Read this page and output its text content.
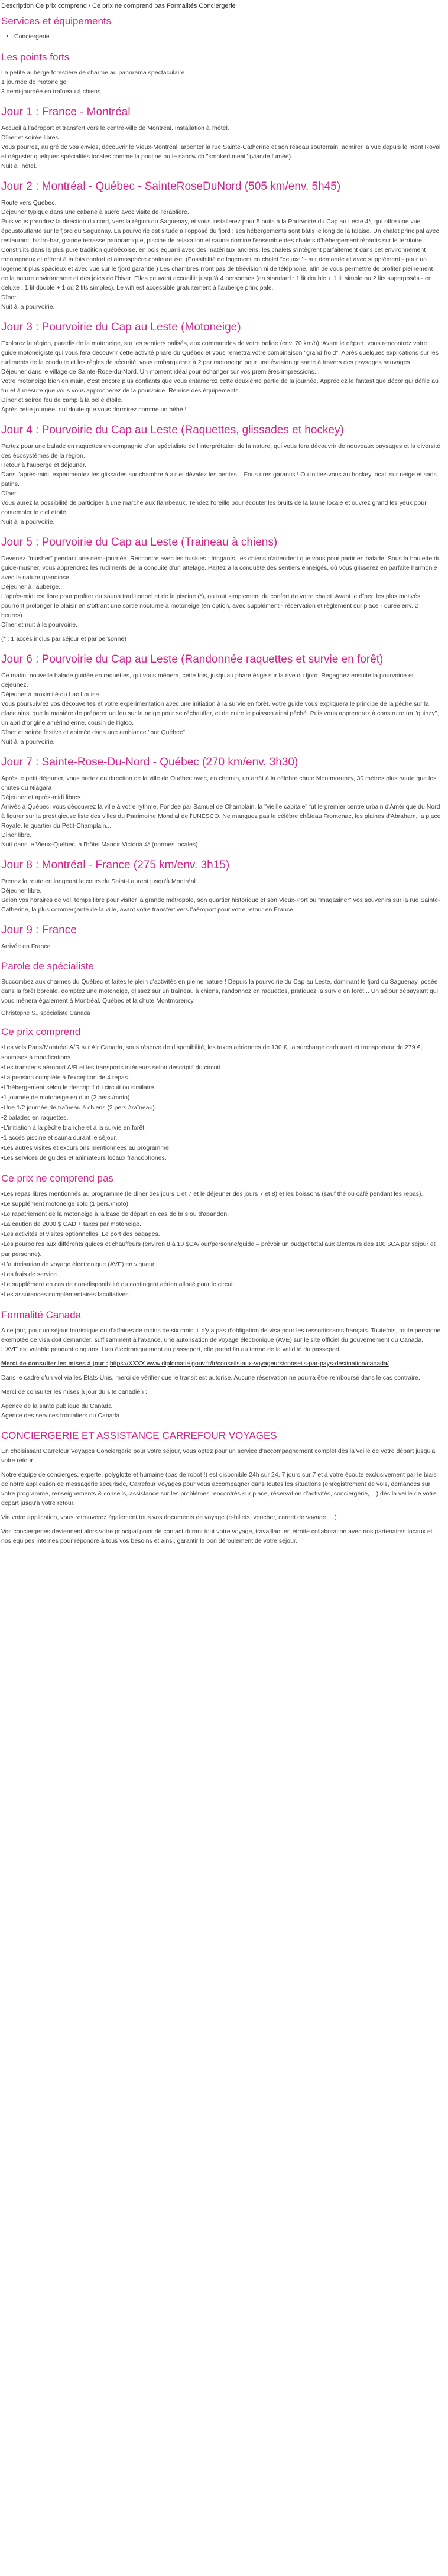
Description Ce prix comprend / Ce prix ne comprend pas Formalités Conciergerie
Services et équipements
• Conciergerie
Les points forts
La petite auberge forestière de charme au panorama spectaculaire
1 journée de motoneige
3 demi-journée en traîneau à chiens
Jour 1 : France - Montréal
Accueil à l'aéroport et transfert vers le centre-ville de Montréal. Installation à l'hôtel.
Dîner et soirée libres.
Vous pourrez, au gré de vos envies, découvrir le Vieux-Montréal, arpenter la rue Sainte-Catherine et son réseau souterrain, admirer la vue depuis le mont Royal et déguster quelques spécialités locales comme la poutine ou le sandwich "smoked meat" (viande fumée).
Nuit à l'hôtel.
Jour 2 : Montréal - Québec - SainteRoseDuNord (505 km/env. 5h45)
Route vers Québec.
Déjeuner typique dans une cabane à sucre avec visite de l'érablière.
Puis vous prendrez la direction du nord, vers la région du Saguenay, et vous installerez pour 5 nuits à la Pourvoirie du Cap au Leste 4*, qui offre une vue époustouflante sur le fjord du Saguenay. La pourvoirie est située à l'opposé du fjord ; ses hébergements sont bâtis le long de la falaise. Un chalet principal avec restaurant, bistro-bar, grande terrasse panoramique, piscine de relaxation et sauna domine l'ensemble des chalets d'hébergement répartis sur le territoire. Construits dans la plus pure tradition québécoise, en bois équarri avec des matériaux anciens, les chalets s'intègrent parfaitement dans cet environnement montagneux et offrent à la fois confort et atmosphère chaleureuse. (Possibilité de logement en chalet "deluxe" - sur demande et avec supplément - pour un logement plus spacieux et avec vue sur le fjord garantie.) Les chambres n'ont pas de télévision ni de téléphone, afin de vous permettre de profiter pleinement de la nature environnante et des joies de l'hiver. Elles peuvent accueillir jusqu'à 4 personnes (en standard : 1 lit double + 1 lit simple ou 2 lits superposés - en deluxe : 1 lit double + 1 ou 2 lits simples). Le wifi est accessible gratuitement à l'auberge principale.
Dîner.
Nuit à la pourvoirie.
Jour 3 : Pourvoirie du Cap au Leste (Motoneige)
Explorez la région, paradis de la motoneige, sur les sentiers balisés, aux commandes de votre bolide (env. 70 km/h). Avant le départ, vous rencontrez votre guide motoneigiste qui vous fera découvrir cette activité phare du Québec et vous remettra votre combinaison "grand froid". Après quelques explications sur les rudiments de la conduite et les règles de sécurité, vous embarquerez à 2 par motoneige pour une évasion grisante à travers des paysages sauvages.
Déjeuner dans le village de Sainte-Rose-du-Nord. Un moment idéal pour échanger sur vos premières impressions...
Votre motoneige bien en main, c'est encore plus confiants que vous entamerez cette deuxième partie de la journée. Appréciez le fantastique décor qui défile au fur et à mesure que vous vous approcherez de la pourvoirie. Remise des équipements.
Dîner et soirée feu de camp à la belle étoile.
Après cette journée, nul doute que vous dormirez comme un bébé !
Jour 4 : Pourvoirie du Cap au Leste (Raquettes, glissades et hockey)
Partez pour une balade en raquettes en compagnie d'un spécialiste de l'interprétation de la nature, qui vous fera découvrir de nouveaux paysages et la diversité des écosystèmes de la région.
Retour à l'auberge et déjeuner.
Dans l'après-midi, expérimentez les glissades sur chambre à air et dévalez les pentes... Fous rires garantis ! Ou initiez-vous au hockey local, sur neige et sans patins.
Dîner.
Vous aurez la possibilité de participer à une marche aux flambeaux. Tendez l'oreille pour écouter les bruits de la faune locale et ouvrez grand les yeux pour contempler le ciel étoilé.
Nuit à la pourvoirie.
Jour 5 : Pourvoirie du Cap au Leste (Traineau à chiens)
Devenez "musher" pendant une demi-journée. Rencontre avec les huskies : fringants, les chiens n'attendent que vous pour partir en balade. Sous la houlette du guide-musher, vous apprendrez les rudiments de la conduite d'un attelage. Partez à la conquête des sentiers enneigés, où vous glisserez en parfaite harmonie avec la nature grandiose.
Déjeuner à l'auberge.
L'après-midi est libre pour profiter du sauna traditionnel et de la piscine (*), ou tout simplement du confort de votre chalet. Avant le dîner, les plus motivés pourront prolonger le plaisir en s'offrant une sortie nocturne à motoneige (en option, avec supplément - réservation et règlement sur place - durée env. 2 heures).
Dîner et nuit à la pourvoirie.
(* : 1 accès inclus par séjour et par personne)
Jour 6 : Pourvoirie du Cap au Leste (Randonnée raquettes et survie en forêt)
Ce matin, nouvelle balade guidée en raquettes, qui vous mènera, cette fois, jusqu'au phare érigé sur la rive du fjord. Regagnez ensuite la pourvoirie et déjeunez.
Déjeuner à proximité du Lac Louise.
Vous poursuivrez vos découvertes et votre expérimentation avec une initiation à la survie en forêt. Votre guide vous expliquera le principe de la pêche sur la glace ainsi que la manière de préparer un feu sur la neige pour se réchauffer, et de cuire le poisson ainsi pêché. Puis vous apprendrez à construire un "quinzy", un abri d'origine amérindienne, cousin de l'igloo.
Dîner et soirée festive et animée dans une ambiance "pur Québec".
Nuit à la pourvoirie.
Jour 7 : Sainte-Rose-Du-Nord - Québec (270 km/env. 3h30)
Après le petit déjeuner, vous partez en direction de la ville de Québec avec, en chemin, un arrêt à la célèbre chute Montmorency, 30 mètres plus haute que les chutes du Niagara !
Déjeuner et après-midi libres.
Arrivés à Québec, vous découvrez la ville à votre rythme. Fondée par Samuel de Champlain, la "vieille capitale" fut le premier centre urbain d'Amérique du Nord à figurer sur la prestigieuse liste des villes du Patrimoine Mondial de l'UNESCO. Ne manquez pas le célèbre château Frontenac, les plaines d'Abraham, la place Royale, le quartier du Petit-Champlain...
Dîner libre.
Nuit dans le Vieux-Québec, à l'hôtel Manoir Victoria 4* (normes locales).
Jour 8 : Montréal - France (275 km/env. 3h15)
Prenez la route en longeant le cours du Saint-Laurent jusqu'à Montréal.
Déjeuner libre.
Selon vos horaires de vol, temps libre pour visiter la grande métropole, son quartier historique et son Vieux-Port ou "magasiner" vos souvenirs sur la rue Sainte-Catherine, la plus commerçante de la ville, avant votre transfert vers l'aéroport pour votre retour en France.
Jour 9 : France
Arrivée en France.
Parole de spécialiste

Succombez aux charmes du Québec et faites le plein d'activités en pleine nature ! Depuis la pourvoirie du Cap au Leste, dominant le fjord du Saguenay, posée dans la forêt boréale, domptez une motoneige, glissez sur un traîneau à chiens, randonnez en raquettes, pratiquez la survie en forêt... Un séjour dépaysant qui vous mènera également à Montréal, Québec et la chute Montmorency.

Christophe S., spécialiste Canada
Ce prix comprend
• Les vols Paris/Montréal A/R sur Air Canada, sous réserve de disponibilité, les taxes aériennes de 130 €, la surcharge carburant et transporteur de 279 €, soumises à modifications.
• Les transferts aéroport A/R et les transports intérieurs selon descriptif du circuit.
• La pension complète à l'exception de 4 repas.
• L'hébergement selon le descriptif du circuit ou similaire.
• 1 journée de motoneige en duo (2 pers./moto).
• Une 1/2 journée de traîneau à chiens (2 pers./traîneau).
• 2 balades en raquettes.
• L'initiation à la pêche blanche et à la survie en forêt.
• 1 accès piscine et sauna durant le séjour.
• Les autres visites et excursions mentionnées au programme.
• Les services de guides et animateurs locaux francophones.
Ce prix ne comprend pas
• Les repas libres mentionnés au programme (le dîner des jours 1 et 7 et le déjeuner des jours 7 et 8) et les boissons (sauf thé ou café pendant les repas).
• Le supplément motoneige solo (1 pers./moto).
• Le rapatriement de la motoneige à la base de départ en cas de bris ou d'abandon.
• La caution de 2000 $ CAD + taxes par motoneige.
• Les activités et visites optionnelles. Le port des bagages.
• Les pourboires aux différents guides et chauffeurs (environ 8 à 10 $CA/jour/personne/guide – prévoir un budget total aux alentours des 100 $CA par séjour et par personne).
• L'autorisation de voyage électronique (AVE) en vigueur.
• Les frais de service.
• Le supplément en cas de non-disponibilité du contingent aérien alloué pour le circuit.
• Les assurances complémentaires facultatives.
Formalité Canada

A ce jour, pour un séjour touristique ou d'affaires de moins de six mois, il n'y a pas d'obligation de visa pour les ressortissants français. Toutefois, toute personne exemptée de visa doit demander, suffisamment à l'avance, une autorisation de voyage électronique (AVE) sur le site officiel du gouvernement du Canada. L'AVE est valable pendant cinq ans. Lien électroniquement au passeport, elle prend fin au terme de la validité du passeport.

Merci de consulter les mises à jour : https://XXXX.www.diplomatie.gouv.fr/fr/conseils-aux-voyageurs/conseils-par-pays-destination/canada/

Dans le cadre d'un vol via les Etats-Unis, merci de vérifier que le transit est autorisé. Aucune réservation ne pourra être remboursé dans le cas contraire.

Merci de consulter les mises à jour du site canadien :

Agence de la santé publique du Canada
Agence des services frontaliers du Canada

CONCIERGERIE ET ASSISTANCE CARREFOUR VOYAGES

En choisissant Carrefour Voyages Conciergerie pour votre séjour, vous optez pour un service d'accompagnement complet dès la veille de votre départ jusqu'à votre retour.

Notre équipe de concierges, experte, polyglotte et humaine (pas de robot !) est disponible 24h sur 24, 7 jours sur 7 et à votre écoute exclusivement par le biais de notre application de messagerie sécurisée, Carrefour Voyages pour vous accompagner dans toutes les situations (enregistrement de vols, demandes sur votre programme, renseignements & conseils, assistance sur les problèmes rencontrés sur place, réservation d'activités, conciergerie, ...) dès la veille de votre départ jusqu'à votre retour.

Via votre application, vous retrouverez également tous vos documents de voyage (e-billets, voucher, carnet de voyage, ...)

Vos conciergeries deviennent alors votre principal point de contact durant tout votre voyage, travaillant en étroite collaboration avec nos partenaires locaux et nos équipes internes pour répondre à tous vos besoins et ainsi, garantir le bon déroulement de votre séjour.
